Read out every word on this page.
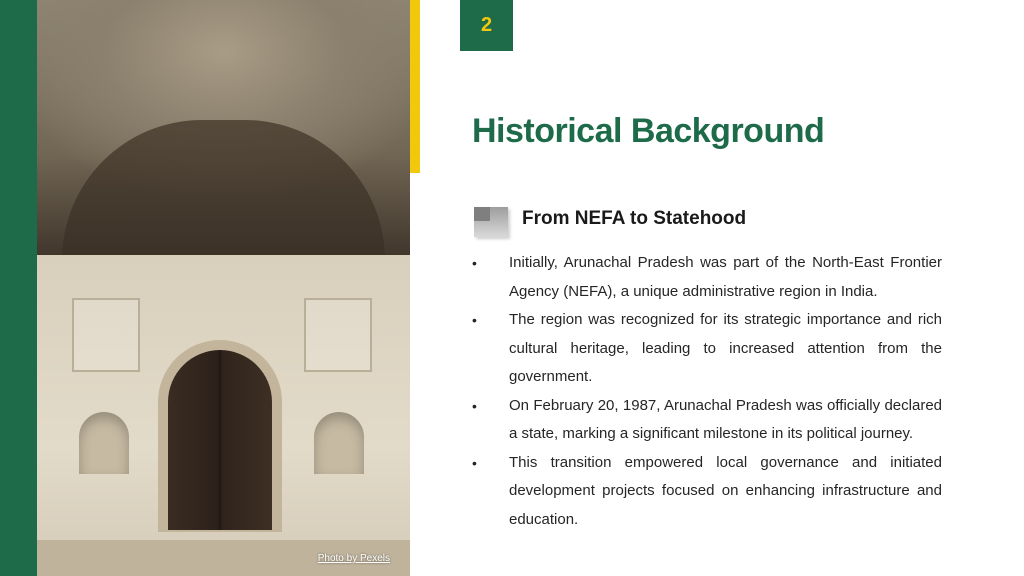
Photo by Pexels
2
Historical Background
From NEFA to Statehood
• Initially, Arunachal Pradesh was part of the North-East Frontier Agency (NEFA), a unique administrative region in India.
• The region was recognized for its strategic importance and rich cultural heritage, leading to increased attention from the government.
• On February 20, 1987, Arunachal Pradesh was officially declared a state, marking a significant milestone in its political journey.
• This transition empowered local governance and initiated development projects focused on enhancing infrastructure and education.
